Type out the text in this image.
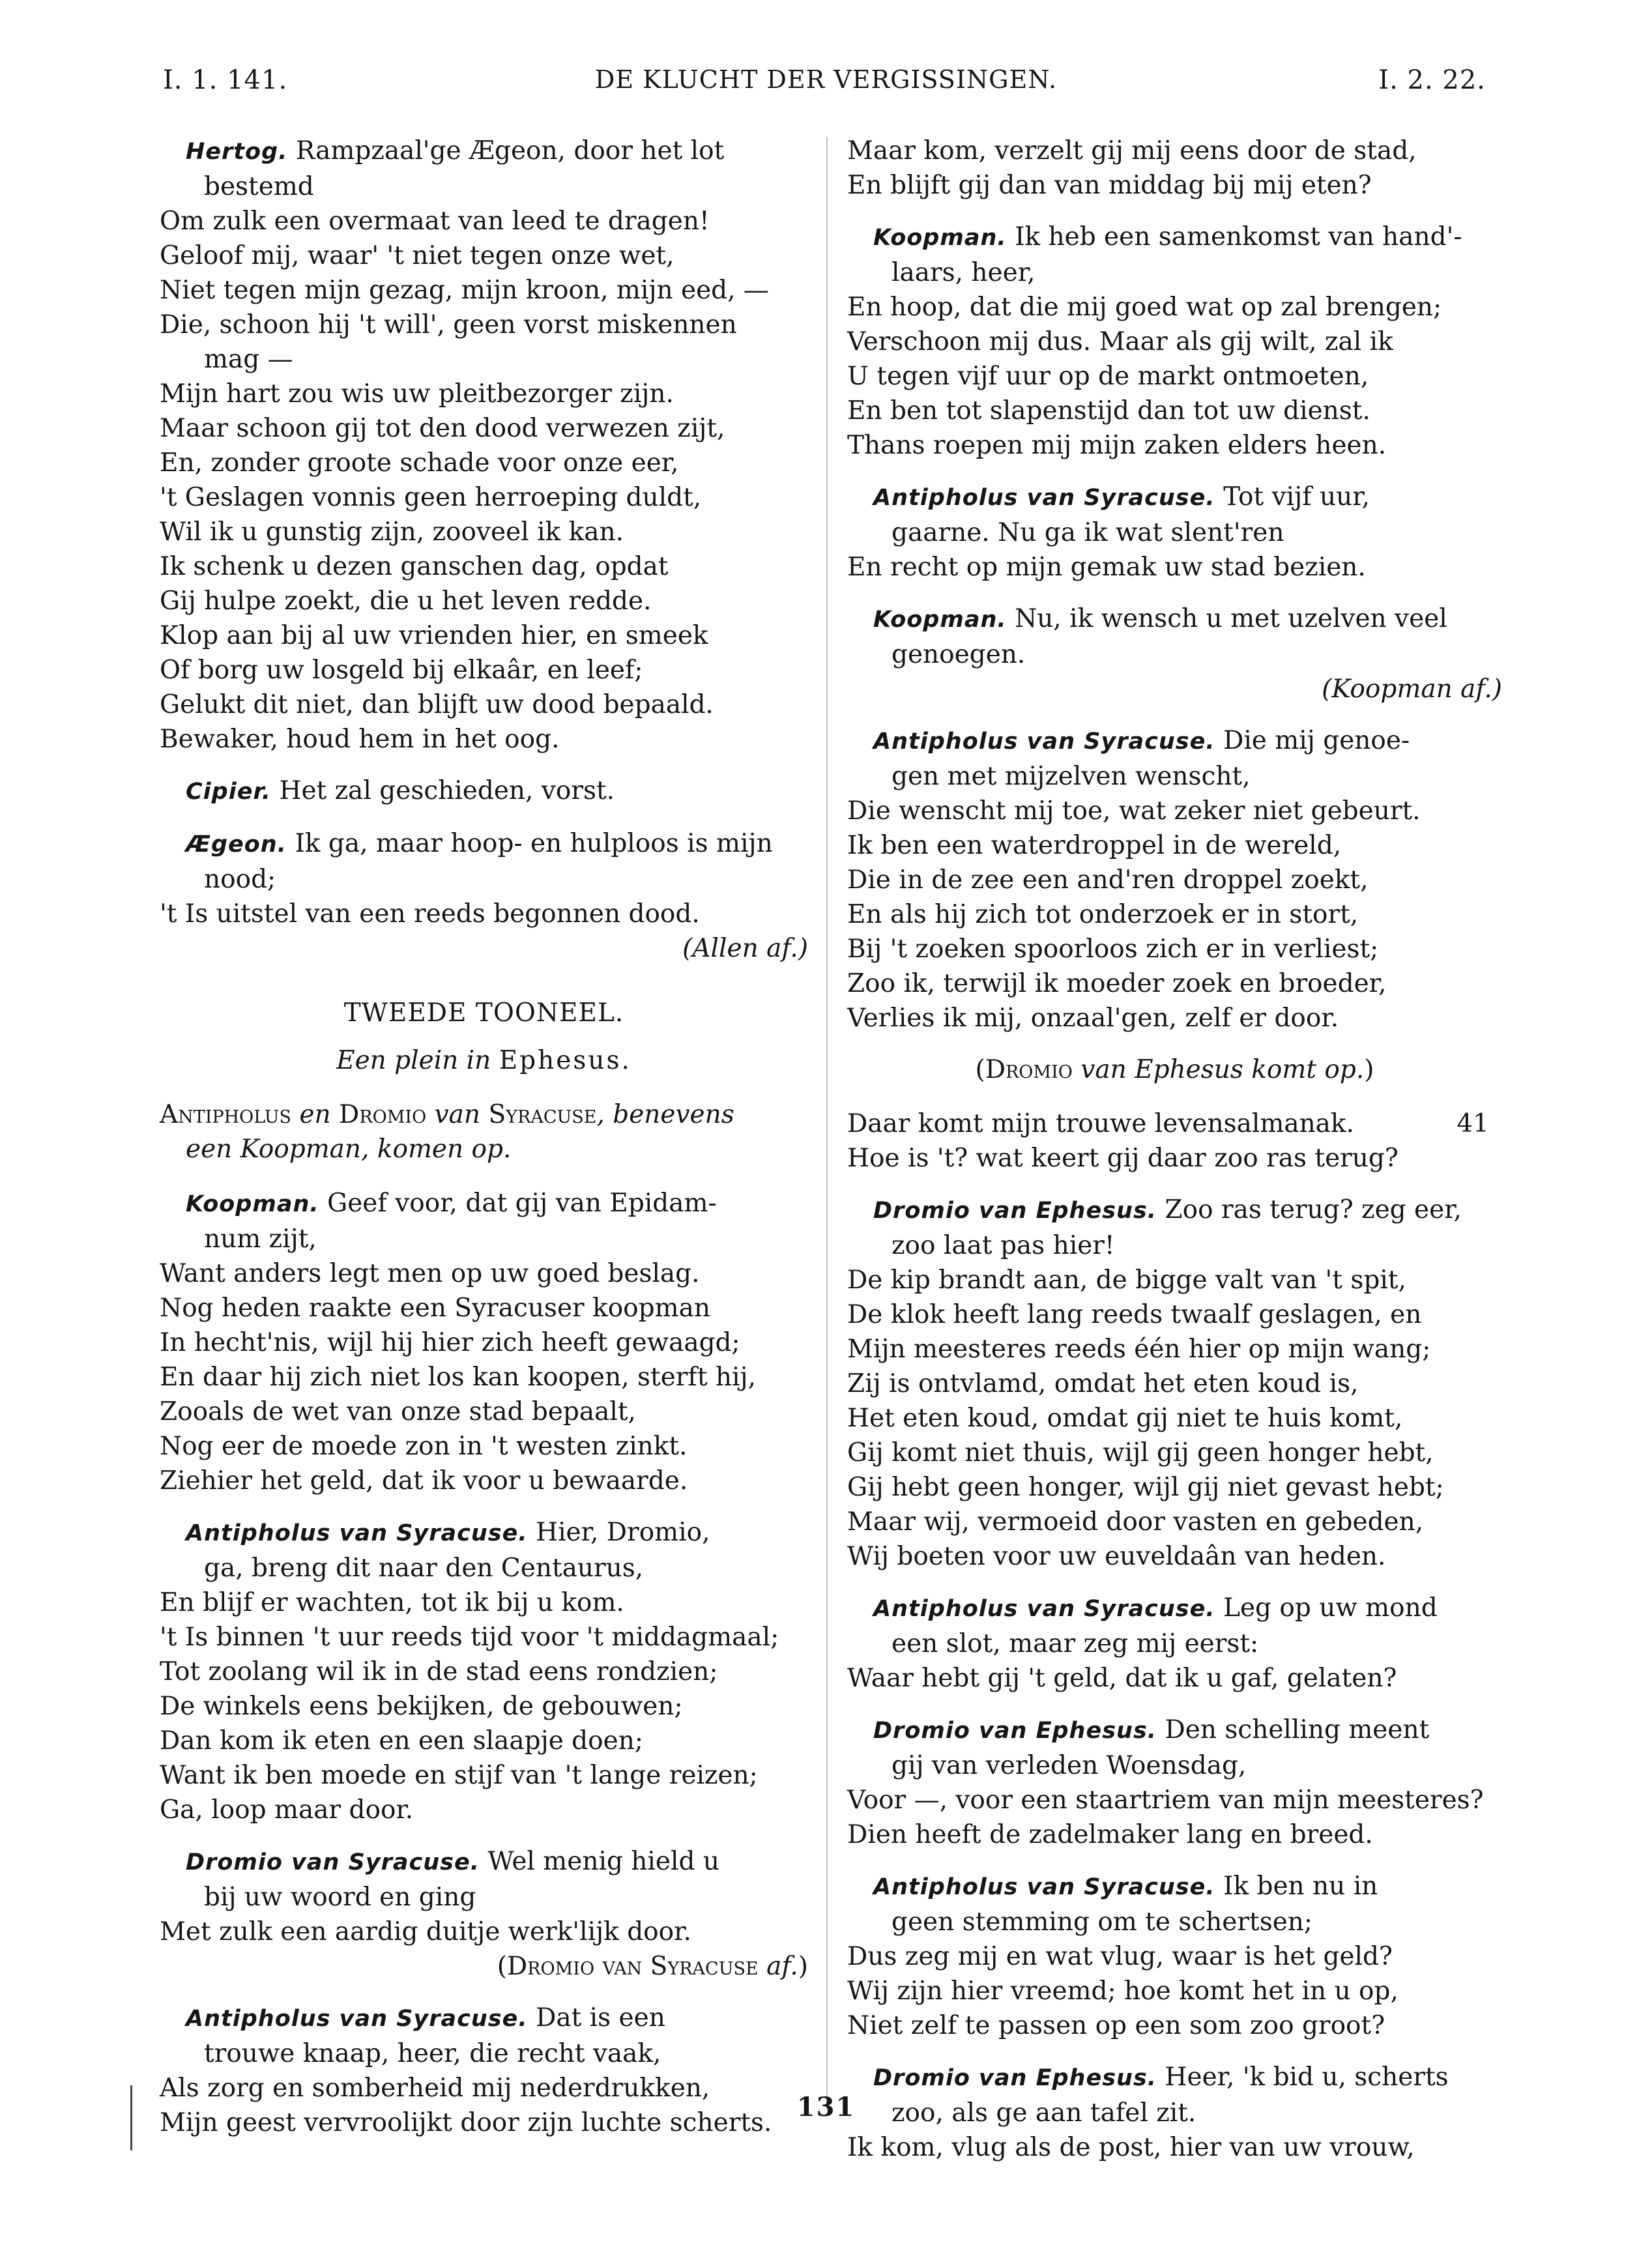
I. 1. 141.	DE KLUCHT DER VERGISSINGEN.	I. 2. 22.
Hertog. Rampzaal'ge Ægeon, door het lot
bestemd
Om zulk een overmaat van leed te dragen!
Geloof mij, waar' 't niet tegen onze wet,
Niet tegen mijn gezag, mijn kroon, mijn eed, —
Die, schoon hij 't will', geen vorst miskennen
mag —
Mijn hart zou wis uw pleitbezorger zijn.
Maar schoon gij tot den dood verwezen zijt,
En, zonder groote schade voor onze eer,
't Geslagen vonnis geen herroeping duldt,
Wil ik u gunstig zijn, zooveel ik kan.
Ik schenk u dezen ganschen dag, opdat
Gij hulpe zoekt, die u het leven redde.
Klop aan bij al uw vrienden hier, en smeek
Of borg uw losgeld bij elkaâr, en leef;
Gelukt dit niet, dan blijft uw dood bepaald.
Bewaker, houd hem in het oog.
Cipier. Het zal geschieden, vorst.
Ægeon. Ik ga, maar hoop- en hulploos is mijn
nood;
't Is uitstel van een reeds begonnen dood.
(Allen af.)
TWEEDE TOONEEL.
Een plein in Ephesus.
Antipholus en Dromio van Syracuse, benevens
een Koopman, komen op.
Koopman. Geef voor, dat gij van Epidam-
num zijt,
Want anders legt men op uw goed beslag.
Nog heden raakte een Syracuser koopman
In hecht'nis, wijl hij hier zich heeft gewaagd;
En daar hij zich niet los kan koopen, sterft hij,
Zooals de wet van onze stad bepaalt,
Nog eer de moede zon in 't westen zinkt.
Ziehier het geld, dat ik voor u bewaarde.
Antipholus van Syracuse. Hier, Dromio,
ga, breng dit naar den Centaurus,
En blijf er wachten, tot ik bij u kom.
't Is binnen 't uur reeds tijd voor 't middagmaal;
Tot zoolang wil ik in de stad eens rondzien;
De winkels eens bekijken, de gebouwen;
Dan kom ik eten en een slaapje doen;
Want ik ben moede en stijf van 't lange reizen;
Ga, loop maar door.
Dromio van Syracuse. Wel menig hield u
bij uw woord en ging
Met zulk een aardig duitje werk'lijk door.
(Dromio van Syracuse af.)
Antipholus van Syracuse. Dat is een
trouwe knaap, heer, die recht vaak,
Als zorg en somberheid mij nederdrukken,
Mijn geest vervroolijkt door zijn luchte scherts.
Maar kom, verzelt gij mij eens door de stad,
En blijft gij dan van middag bij mij eten?
Koopman. Ik heb een samenkomst van hand'-
laars, heer,
En hoop, dat die mij goed wat op zal brengen;
Verschoon mij dus. Maar als gij wilt, zal ik
U tegen vijf uur op de markt ontmoeten,
En ben tot slapenstijd dan tot uw dienst.
Thans roepen mij mijn zaken elders heen.
Antipholus van Syracuse. Tot vijf uur,
gaarne. Nu ga ik wat slent'ren
En recht op mijn gemak uw stad bezien.
Koopman. Nu, ik wensch u met uzelven veel
genoegen.
(Koopman af.)
Antipholus van Syracuse. Die mij genoe-
gen met mijzelven wenscht,
Die wenscht mij toe, wat zeker niet gebeurt.
Ik ben een waterdroppel in de wereld,
Die in de zee een and'ren droppel zoekt,
En als hij zich tot onderzoek er in stort,
Bij 't zoeken spoorloos zich er in verliest;
Zoo ik, terwijl ik moeder zoek en broeder,
Verlies ik mij, onzaal'gen, zelf er door.
(Dromio van Ephesus komt op.)
Daar komt mijn trouwe levensalmanak.	41
Hoe is 't? wat keert gij daar zoo ras terug?
Dromio van Ephesus. Zoo ras terug? zeg eer,
zoo laat pas hier!
De kip brandt aan, de bigge valt van 't spit,
De klok heeft lang reeds twaalf geslagen, en
Mijn meesteres reeds één hier op mijn wang;
Zij is ontvlamd, omdat het eten koud is,
Het eten koud, omdat gij niet te huis komt,
Gij komt niet thuis, wijl gij geen honger hebt,
Gij hebt geen honger, wijl gij niet gevast hebt;
Maar wij, vermoeid door vasten en gebeden,
Wij boeten voor uw euveldaân van heden.
Antipholus van Syracuse. Leg op uw mond
een slot, maar zeg mij eerst:
Waar hebt gij 't geld, dat ik u gaf, gelaten?
Dromio van Ephesus. Den schelling meent
gij van verleden Woensdag,
Voor —, voor een staartriem van mijn meesteres?
Dien heeft de zadelmaker lang en breed.
Antipholus van Syracuse. Ik ben nu in
geen stemming om te schertsen;
Dus zeg mij en wat vlug, waar is het geld?
Wij zijn hier vreemd; hoe komt het in u op,
Niet zelf te passen op een som zoo groot?
Dromio van Ephesus. Heer, 'k bid u, scherts
zoo, als ge aan tafel zit.
Ik kom, vlug als de post, hier van uw vrouw,
131
